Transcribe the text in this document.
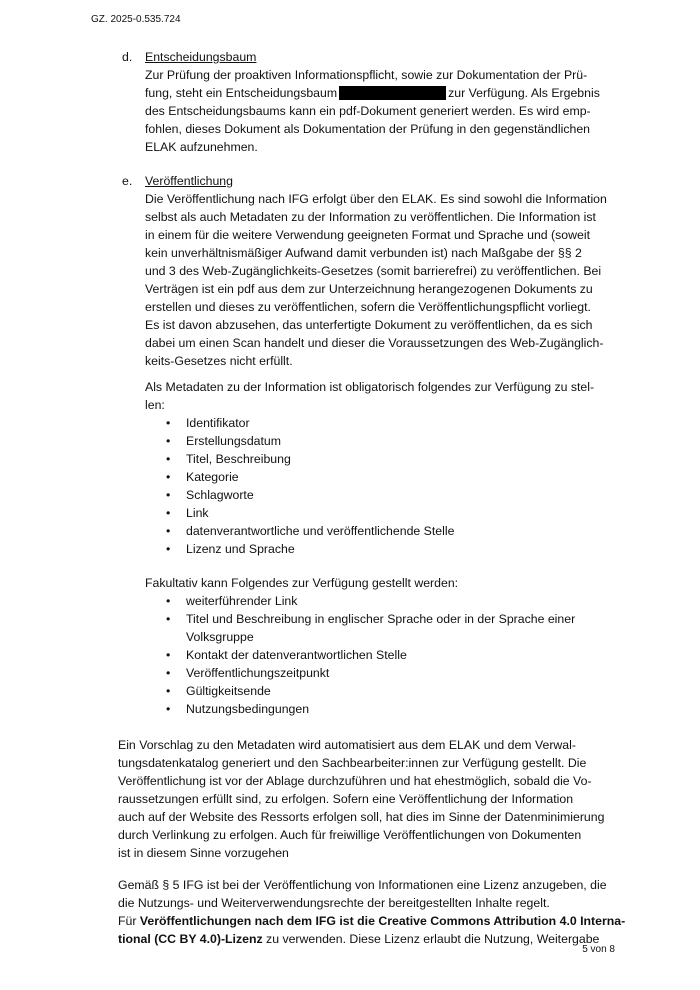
GZ. 2025-0.535.724
d. Entscheidungsbaum
Zur Prüfung der proaktiven Informationspflicht, sowie zur Dokumentation der Prü-
fung, steht ein Entscheidungsbaum	zur Verfügung. Als Ergebnis
des Entscheidungsbaums kann ein pdf-Dokument generiert werden. Es wird emp-
fohlen, dieses Dokument als Dokumentation der Prüfung in den gegenständlichen
ELAK aufzunehmen.
e. Veröffentlichung
Die Veröffentlichung nach IFG erfolgt über den ELAK. Es sind sowohl die Information
selbst als auch Metadaten zu der Information zu veröffentlichen. Die Information ist
in einem für die weitere Verwendung geeigneten Format und Sprache und (soweit
kein unverhältnismäßiger Aufwand damit verbunden ist) nach Maßgabe der §§ 2
und 3 des Web-Zugänglichkeits-Gesetzes (somit barrierefrei) zu veröffentlichen. Bei
Verträgen ist ein pdf aus dem zur Unterzeichnung herangezogenen Dokuments zu
erstellen und dieses zu veröffentlichen, sofern die Veröffentlichungspflicht vorliegt.
Es ist davon abzusehen, das unterfertigte Dokument zu veröffentlichen, da es sich
dabei um einen Scan handelt und dieser die Voraussetzungen des Web-Zugänglich-
keits-Gesetzes nicht erfüllt.
Als Metadaten zu der Information ist obligatorisch folgendes zur Verfügung zu stel-
len:
• Identifikator
• Erstellungsdatum
• Titel, Beschreibung
• Kategorie
• Schlagworte
• Link
• datenverantwortliche und veröffentlichende Stelle
• Lizenz und Sprache
Fakultativ kann Folgendes zur Verfügung gestellt werden:
• weiterführender Link
• Titel und Beschreibung in englischer Sprache oder in der Sprache einer
Volksgruppe
• Kontakt der datenverantwortlichen Stelle
• Veröffentlichungszeitpunkt
• Gültigkeitsende
• Nutzungsbedingungen
Ein Vorschlag zu den Metadaten wird automatisiert aus dem ELAK und dem Verwal-
tungsdatenkatalog generiert und den Sachbearbeiter:innen zur Verfügung gestellt. Die
Veröffentlichung ist vor der Ablage durchzuführen und hat ehestmöglich, sobald die Vo-
raussetzungen erfüllt sind, zu erfolgen. Sofern eine Veröffentlichung der Information
auch auf der Website des Ressorts erfolgen soll, hat dies im Sinne der Datenminimierung
durch Verlinkung zu erfolgen. Auch für freiwillige Veröffentlichungen von Dokumenten
ist in diesem Sinne vorzugehen
Gemäß § 5 IFG ist bei der Veröffentlichung von Informationen eine Lizenz anzugeben, die
die Nutzungs- und Weiterverwendungsrechte der bereitgestellten Inhalte regelt.
Für Veröffentlichungen nach dem IFG ist die Creative Commons Attribution 4.0 Interna-
tional (CC BY 4.0)-Lizenz zu verwenden. Diese Lizenz erlaubt die Nutzung, Weitergabe
5 von 8
